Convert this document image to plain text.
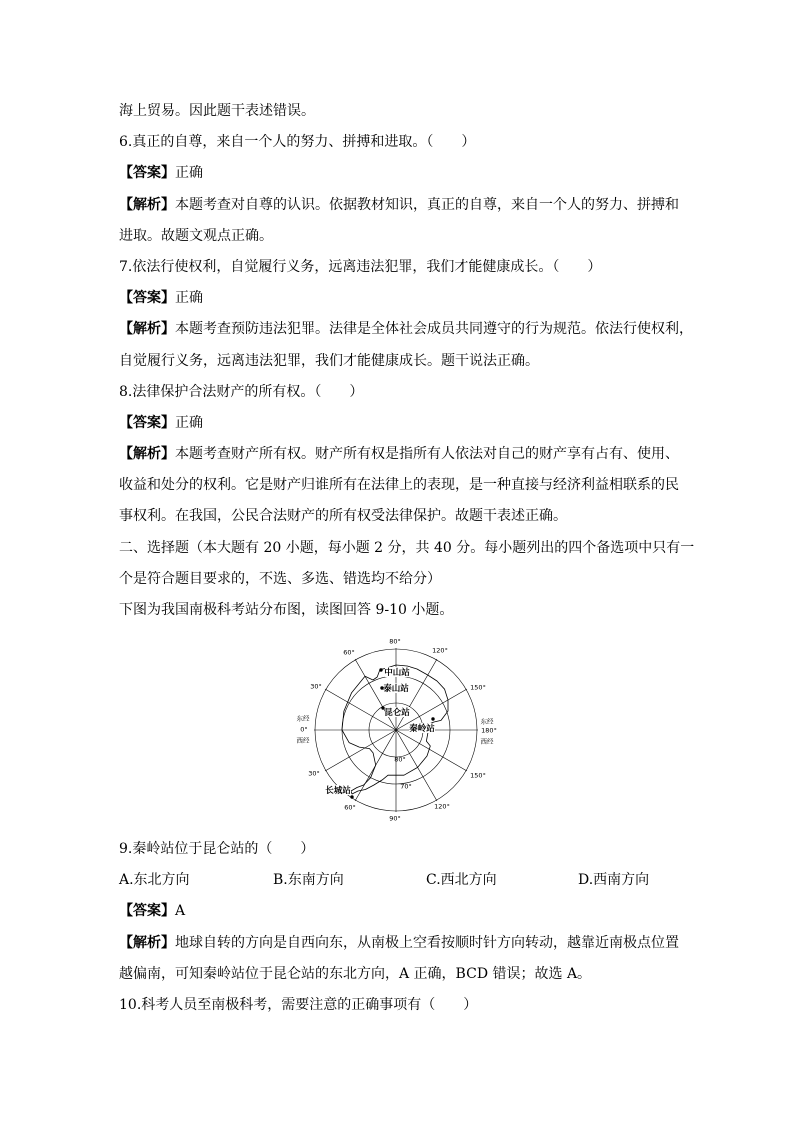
海上贸易。因此题干表述错误。
6.真正的自尊，来自一个人的努力、拼搏和进取。（　　）
【答案】正确
【解析】本题考查对自尊的认识。依据教材知识，真正的自尊，来自一个人的努力、拼搏和
进取。故题文观点正确。
7.依法行使权利，自觉履行义务，远离违法犯罪，我们才能健康成长。（　　）
【答案】正确
【解析】本题考查预防违法犯罪。法律是全体社会成员共同遵守的行为规范。依法行使权利，
自觉履行义务，远离违法犯罪，我们才能健康成长。题干说法正确。
8.法律保护合法财产的所有权。（　　）
【答案】正确
【解析】本题考查财产所有权。财产所有权是指所有人依法对自己的财产享有占有、使用、
收益和处分的权利。它是财产归谁所有在法律上的表现，是一种直接与经济利益相联系的民
事权利。在我国，公民合法财产的所有权受法律保护。故题干表述正确。
二、选择题（本大题有 20 小题，每小题 2 分，共 40 分。每小题列出的四个备选项中只有一
个是符合题目要求的，不选、多选、错选均不给分）
下图为我国南极科考站分布图，读图回答 9-10 小题。
80°
60°	120°
30°	150°
东经
0°
西经
东经
180°
西经
30°	150°
60°
90°
120°
80°
70°
中山站
泰山站
昆仑站
秦岭站
长城站
9.秦岭站位于昆仑站的（　　）
A.东北方向	B.东南方向	C.西北方向	D.西南方向
【答案】A
【解析】地球自转的方向是自西向东，从南极上空看按顺时针方向转动，越靠近南极点位置
越偏南，可知秦岭站位于昆仑站的东北方向，A 正确，BCD 错误；故选 A。
10.科考人员至南极科考，需要注意的正确事项有（　　）
